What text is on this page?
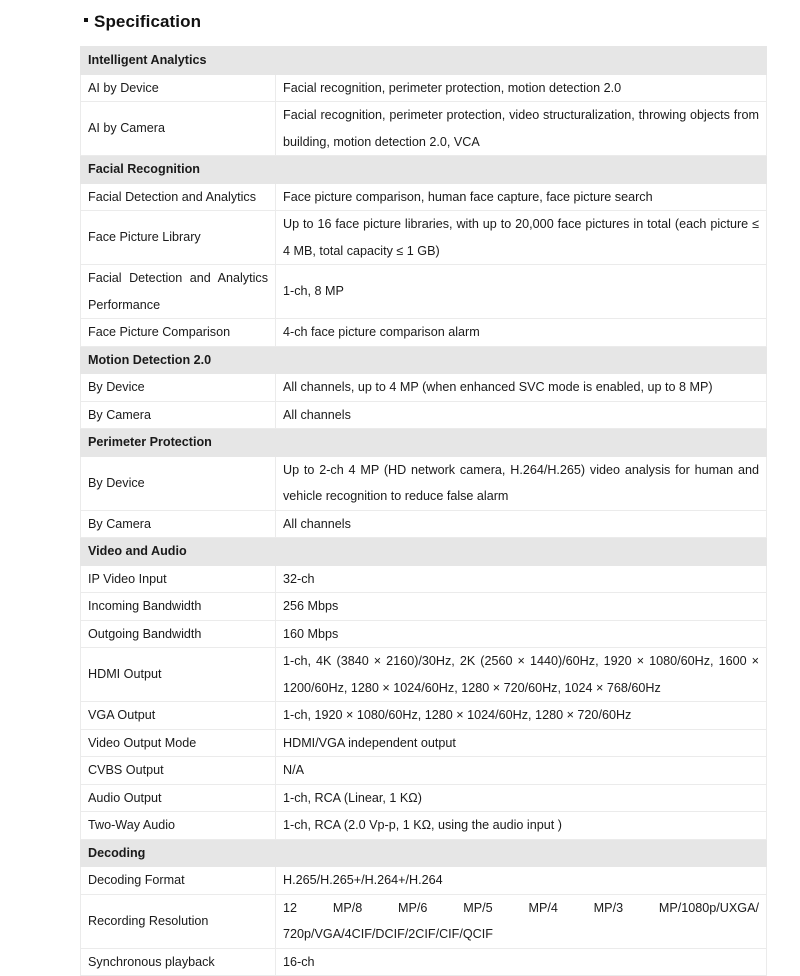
Specification
Intelligent Analytics	
AI by Device	Facial recognition, perimeter protection, motion detection 2.0
AI by Camera	Facial recognition, perimeter protection, video structuralization, throwing objects from building, motion detection 2.0, VCA
Facial Recognition	
Facial Detection and Analytics	Face picture comparison, human face capture, face picture search
Face Picture Library	Up to 16 face picture libraries, with up to 20,000 face pictures in total (each picture ≤ 4 MB, total capacity ≤ 1 GB)
Facial Detection and Analytics Performance	1-ch, 8 MP
Face Picture Comparison	4-ch face picture comparison alarm
Motion Detection 2.0	
By Device	All channels, up to 4 MP (when enhanced SVC mode is enabled, up to 8 MP)
By Camera	All channels
Perimeter Protection	
By Device	Up to 2-ch 4 MP (HD network camera, H.264/H.265) video analysis for human and vehicle recognition to reduce false alarm
By Camera	All channels
Video and Audio	
IP Video Input	32-ch
Incoming Bandwidth	256 Mbps
Outgoing Bandwidth	160 Mbps
HDMI Output	1-ch, 4K (3840 × 2160)/30Hz, 2K (2560 × 1440)/60Hz, 1920 × 1080/60Hz, 1600 × 1200/60Hz, 1280 × 1024/60Hz, 1280 × 720/60Hz, 1024 × 768/60Hz
VGA Output	1-ch, 1920 × 1080/60Hz, 1280 × 1024/60Hz, 1280 × 720/60Hz
Video Output Mode	HDMI/VGA independent output
CVBS Output	N/A
Audio Output	1-ch, RCA (Linear, 1 KΩ)
Two-Way Audio	1-ch, RCA (2.0 Vp-p, 1 KΩ, using the audio input )
Decoding	
Decoding Format	H.265/H.265+/H.264+/H.264
Recording Resolution	12 MP/8 MP/6 MP/5 MP/4 MP/3 MP/1080p/UXGA/ 720p/VGA/4CIF/DCIF/2CIF/CIF/QCIF
Synchronous playback	16-ch
